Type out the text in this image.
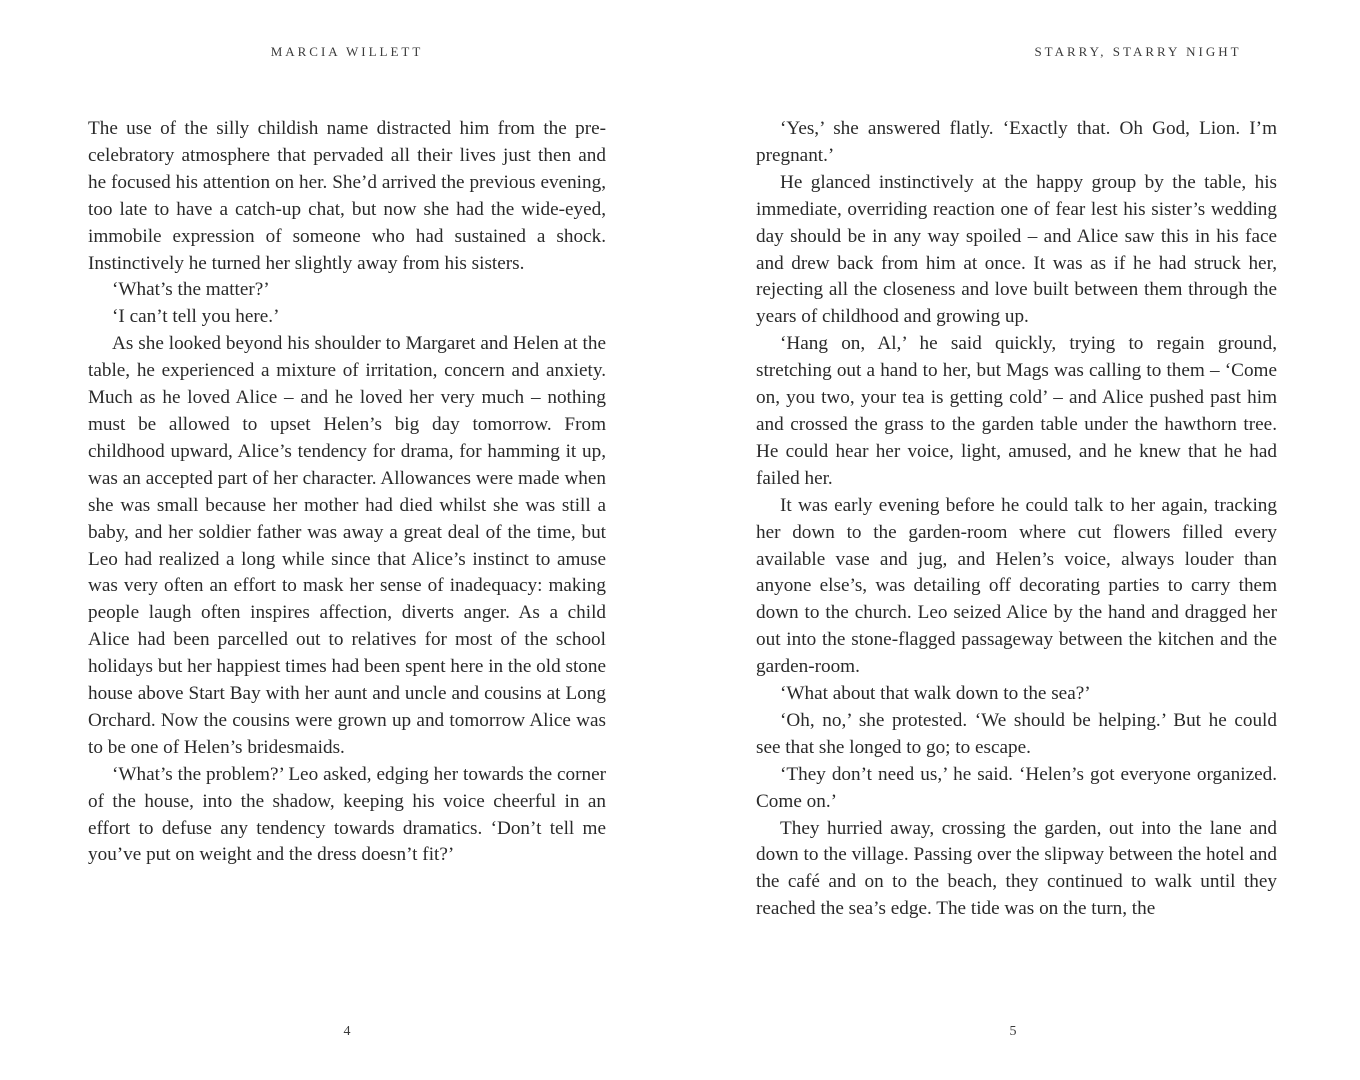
MARCIA WILLETT

The use of the silly childish name distracted him from the pre-celebratory atmosphere that pervaded all their lives just then and he focused his attention on her. She’d arrived the previous evening, too late to have a catch-up chat, but now she had the wide-eyed, immobile expression of someone who had sustained a shock. Instinctively he turned her slightly away from his sisters.

‘What’s the matter?’

‘I can’t tell you here.’

As she looked beyond his shoulder to Margaret and Helen at the table, he experienced a mixture of irritation, concern and anxiety. Much as he loved Alice – and he loved her very much – nothing must be allowed to upset Helen’s big day tomorrow. From childhood upward, Alice’s tendency for drama, for hamming it up, was an accepted part of her character. Allowances were made when she was small because her mother had died whilst she was still a baby, and her soldier father was away a great deal of the time, but Leo had realized a long while since that Alice’s instinct to amuse was very often an effort to mask her sense of inadequacy: making people laugh often inspires affection, diverts anger. As a child Alice had been parcelled out to relatives for most of the school holidays but her happiest times had been spent here in the old stone house above Start Bay with her aunt and uncle and cousins at Long Orchard. Now the cousins were grown up and tomorrow Alice was to be one of Helen’s bridesmaids.

‘What’s the problem?’ Leo asked, edging her towards the corner of the house, into the shadow, keeping his voice cheerful in an effort to defuse any tendency towards dramatics. ‘Don’t tell me you’ve put on weight and the dress doesn’t fit?’

4
STARRY, STARRY NIGHT

‘Yes,’ she answered flatly. ‘Exactly that. Oh God, Lion. I’m pregnant.’

He glanced instinctively at the happy group by the table, his immediate, overriding reaction one of fear lest his sister’s wedding day should be in any way spoiled – and Alice saw this in his face and drew back from him at once. It was as if he had struck her, rejecting all the closeness and love built between them through the years of childhood and growing up.

‘Hang on, Al,’ he said quickly, trying to regain ground, stretching out a hand to her, but Mags was calling to them – ‘Come on, you two, your tea is getting cold’ – and Alice pushed past him and crossed the grass to the garden table under the hawthorn tree. He could hear her voice, light, amused, and he knew that he had failed her.

It was early evening before he could talk to her again, tracking her down to the garden-room where cut flowers filled every available vase and jug, and Helen’s voice, always louder than anyone else’s, was detailing off decorating parties to carry them down to the church. Leo seized Alice by the hand and dragged her out into the stone-flagged passageway between the kitchen and the garden-room.

‘What about that walk down to the sea?’

‘Oh, no,’ she protested. ‘We should be helping.’ But he could see that she longed to go; to escape.

‘They don’t need us,’ he said. ‘Helen’s got everyone organized. Come on.’

They hurried away, crossing the garden, out into the lane and down to the village. Passing over the slipway between the hotel and the café and on to the beach, they continued to walk until they reached the sea’s edge. The tide was on the turn, the

5
